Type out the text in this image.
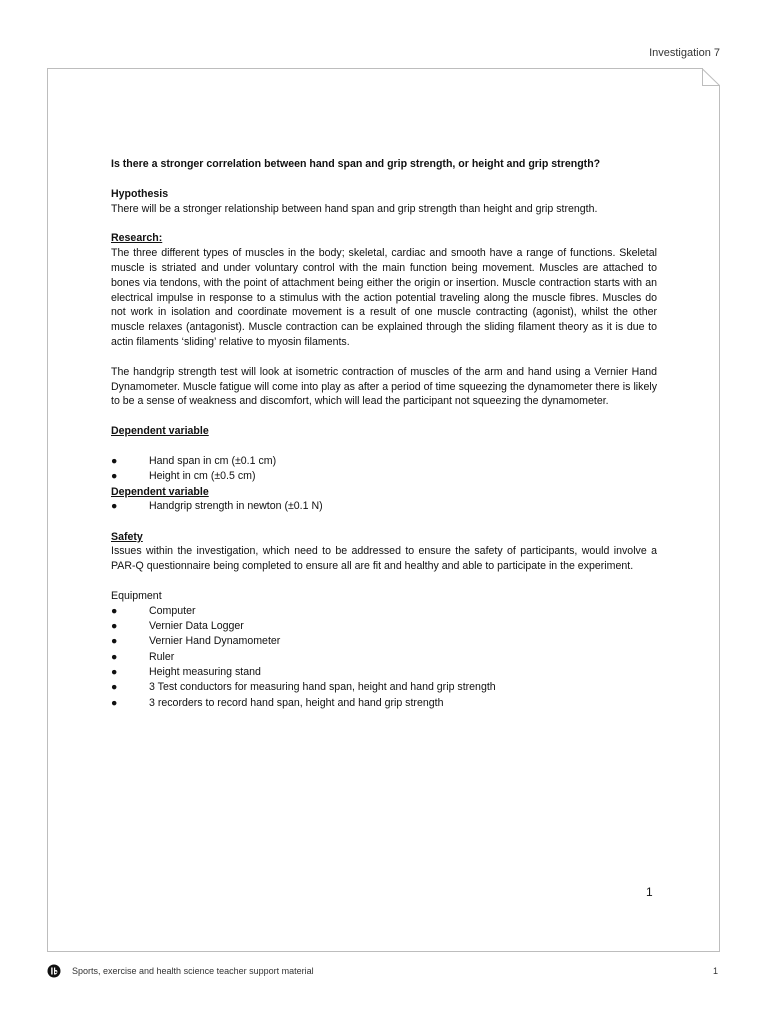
Investigation 7

Is there a stronger correlation between hand span and grip strength, or height and grip strength?

Hypothesis

There will be a stronger relationship between hand span and grip strength than height and grip strength.

Research:

The three different types of muscles in the body; skeletal, cardiac and smooth have a range of functions. Skeletal muscle is striated and under voluntary control with the main function being movement. Muscles are attached to bones via tendons, with the point of attachment being either the origin or insertion. Muscle contraction starts with an electrical impulse in response to a stimulus with the action potential traveling along the muscle fibres. Muscles do not work in isolation and coordinate movement is a result of one muscle contracting (agonist), whilst the other muscle relaxes (antagonist). Muscle contraction can be explained through the sliding filament theory as it is due to actin filaments ‘sliding’ relative to myosin filaments.

The handgrip strength test will look at isometric contraction of muscles of the arm and hand using a Vernier Hand Dynamometer. Muscle fatigue will come into play as after a period of time squeezing the dynamometer there is likely to be a sense of weakness and discomfort, which will lead the participant not squeezing the dynamometer.

Dependent variable

●	Hand span in cm (±0.1 cm)
●	Height in cm (±0.5 cm)

Dependent variable

●	Handgrip strength in newton (±0.1 N)

Safety

Issues within the investigation, which need to be addressed to ensure the safety of participants, would involve a PAR-Q questionnaire being completed to ensure all are fit and healthy and able to participate in the experiment.

Equipment

●	Computer
●	Vernier Data Logger
●	Vernier Hand Dynamometer
●	Ruler
●	Height measuring stand
●	3 Test conductors for measuring hand span, height and hand grip strength
●	3 recorders to record hand span, height and hand grip strength
1
Sports, exercise and health science teacher support material	1
